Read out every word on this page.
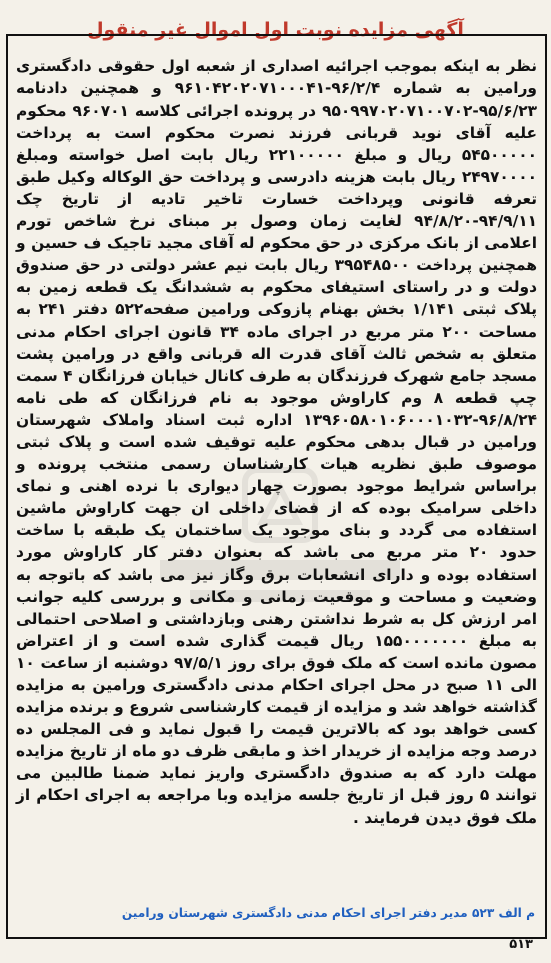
آگهی مزایده نوبت اول اموال غیر منقول

نظر به اینکه بموجب اجرائیه اصداری از شعبه اول حقوقی دادگستری ورامین به شماره ۹۶/۲/۴-۹۶۱۰۴۲۰۲۰۷۱۰۰۰۴۱ و همچنین دادنامه ۹۵/۶/۲۳-۹۵۰۹۹۷۰۲۰۷۱۰۰۷۰۲ در پرونده اجرائی کلاسه ۹۶۰۷۰۱ محکوم علیه آقای نوید قربانی فرزند نصرت محکوم است به پرداخت ۵۴۵۰۰۰۰۰ ریال و مبلغ ۲۲۱۰۰۰۰۰ ریال بابت اصل خواسته ومبلغ ۲۴۹۷۰۰۰۰ ریال بابت هزینه دادرسی و پرداخت حق الوکاله وکیل طبق تعرفه قانونی وپرداخت خسارت تاخیر تادیه از تاریخ چک ۹۴/۹/۱۱-۹۴/۸/۲۰ لغایت زمان وصول بر مبنای نرخ شاخص تورم اعلامی از بانک مرکزی در حق محکوم له آقای مجید تاجیک ف حسین و همچنین پرداخت ۳۹۵۴۸۵۰۰ ریال بابت نیم عشر دولتی در حق صندوق دولت و در راستای استیفای محکوم به ششدانگ یک قطعه زمین به پلاک ثبتی ۱/۱۴۱ بخش بهنام پازوکی ورامین صفحه۵۲۲ دفتر ۲۴۱ به مساحت ۲۰۰ متر مربع در اجرای ماده ۳۴ قانون اجرای احکام مدنی متعلق به شخص ثالث آقای قدرت اله قربانی واقع در ورامین پشت مسجد جامع شهرک فرزندگان به طرف کانال خیابان فرزانگان ۴ سمت چپ قطعه ۸ وم کاراوش موجود به نام فرزانگان که طی نامه ۹۶/۸/۲۴-۱۳۹۶۰۵۸۰۱۰۶۰۰۰۱۰۳۲ اداره ثبت اسناد واملاک شهرستان ورامین در قبال بدهی محکوم علیه توقیف شده است و پلاک ثبتی موصوف طبق نظریه هیات کارشناسان رسمی منتخب پرونده و براساس شرایط موجود بصورت چهار دیواری با نرده اهنی و نمای داخلی سرامیک بوده که از فضای داخلی ان جهت کاراوش ماشین استفاده می گردد و بنای موجود یک ساختمان یک طبقه با ساخت حدود ۲۰ متر مربع می باشد که بعنوان دفتر کار کاراوش مورد استفاده بوده و دارای انشعابات برق وگاز نیز می باشد که باتوجه به وضعیت و مساحت و موقعیت زمانی و مکانی و بررسی کلیه جوانب امر ارزش کل به شرط نداشتن رهنی وبازداشتی و اصلاحی احتمالی به مبلغ ۱۵۵۰۰۰۰۰۰۰ ریال قیمت گذاری شده است و از اعتراض مصون مانده است که ملک فوق برای روز ۹۷/۵/۱ دوشنبه از ساعت ۱۰ الی ۱۱ صبح در محل اجرای احکام مدنی دادگستری ورامین به مزایده گذاشته خواهد شد و مزایده از قیمت کارشناسی شروع و برنده مزایده کسی خواهد بود که بالاترین قیمت را قبول نماید و فی المجلس ده درصد وجه مزایده از خریدار اخذ و مابقی ظرف دو ماه از تاریخ مزایده مهلت دارد که به صندوق دادگستری واریز نماید ضمنا طالبین می توانند ۵ روز قبل از تاریخ جلسه مزایده وبا مراجعه به اجرای احکام از ملک فوق دیدن فرمایند .

م الف ۵۲۳ مدیر دفتر اجرای احکام مدنی دادگستری شهرستان ورامین
۵۱۳
